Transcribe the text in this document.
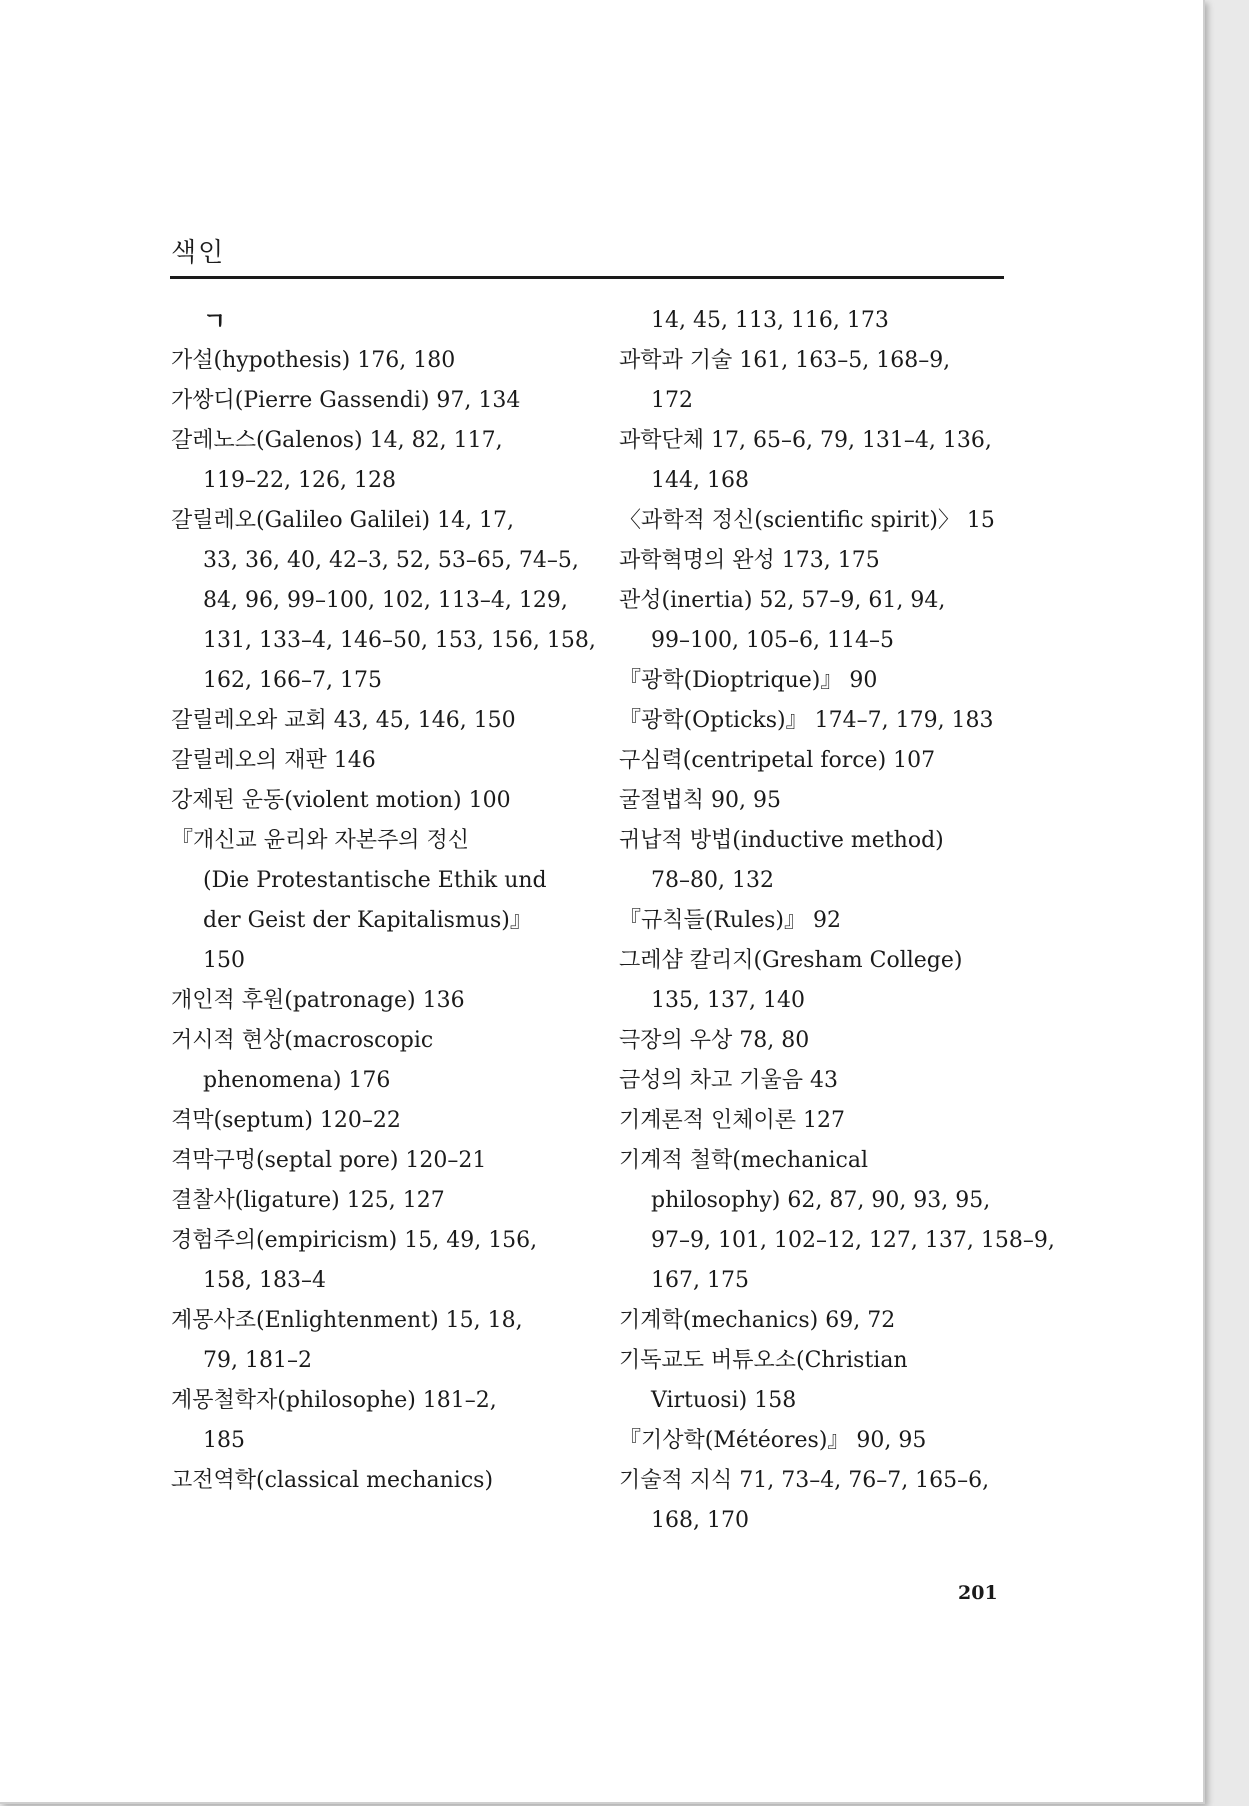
색인
ㄱ
가설(hypothesis) 176, 180
가쌍디(Pierre Gassendi) 97, 134
갈레노스(Galenos) 14, 82, 117,
119–22, 126, 128
갈릴레오(Galileo Galilei) 14, 17,
33, 36, 40, 42–3, 52, 53–65, 74–5,
84, 96, 99–100, 102, 113–4, 129,
131, 133–4, 146–50, 153, 156, 158,
162, 166–7, 175
갈릴레오와 교회 43, 45, 146, 150
갈릴레오의 재판 146
강제된 운동(violent motion) 100
『개신교 윤리와 자본주의 정신
(Die Protestantische Ethik und
der Geist der Kapitalismus)』
150
개인적 후원(patronage) 136
거시적 현상(macroscopic
phenomena) 176
격막(septum) 120–22
격막구멍(septal pore) 120–21
결찰사(ligature) 125, 127
경험주의(empiricism) 15, 49, 156,
158, 183–4
계몽사조(Enlightenment) 15, 18,
79, 181–2
계몽철학자(philosophe) 181–2,
185
고전역학(classical mechanics)
14, 45, 113, 116, 173
과학과 기술 161, 163–5, 168–9,
172
과학단체 17, 65–6, 79, 131–4, 136,
144, 168
〈과학적 정신(scientific spirit)〉 15
과학혁명의 완성 173, 175
관성(inertia) 52, 57–9, 61, 94,
99–100, 105–6, 114–5
『광학(Dioptrique)』 90
『광학(Opticks)』 174–7, 179, 183
구심력(centripetal force) 107
굴절법칙 90, 95
귀납적 방법(inductive method)
78–80, 132
『규칙들(Rules)』 92
그레샴 칼리지(Gresham College)
135, 137, 140
극장의 우상 78, 80
금성의 차고 기울음 43
기계론적 인체이론 127
기계적 철학(mechanical
philosophy) 62, 87, 90, 93, 95,
97–9, 101, 102–12, 127, 137, 158–9,
167, 175
기계학(mechanics) 69, 72
기독교도 버튜오소(Christian
Virtuosi) 158
『기상학(Météores)』 90, 95
기술적 지식 71, 73–4, 76–7, 165–6,
168, 170
201
